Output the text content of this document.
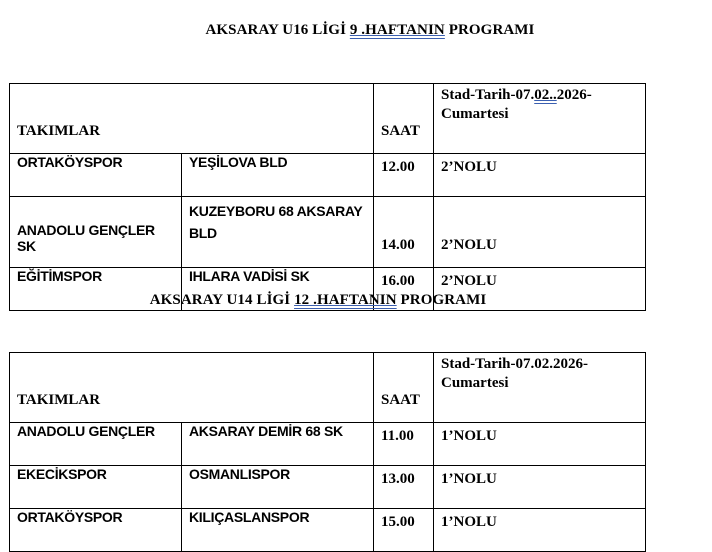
AKSARAY U16 LİGİ 9 .HAFTANIN PROGRAMI
TAKIMLAR		SAAT	Stad-Tarih-07.02..2026-
Cumartesi
ORTAKÖYSPOR	YEŞİLOVA BLD	12.00	2’NOLU
ANADOLU GENÇLER SK	KUZEYBORU 68 AKSARAY BLD	14.00	2’NOLU
EĞİTİMSPOR	IHLARA VADİSİ SK	16.00	2’NOLU
AKSARAY U14 LİGİ 12 .HAFTANIN PROGRAMI
TAKIMLAR		SAAT	Stad-Tarih-07.02.2026-
Cumartesi
ANADOLU GENÇLER	AKSARAY DEMİR 68 SK	11.00	1’NOLU
EKECİKSPOR	OSMANLISPOR	13.00	1’NOLU
ORTAKÖYSPOR	KILIÇASLANSPOR	15.00	1’NOLU
